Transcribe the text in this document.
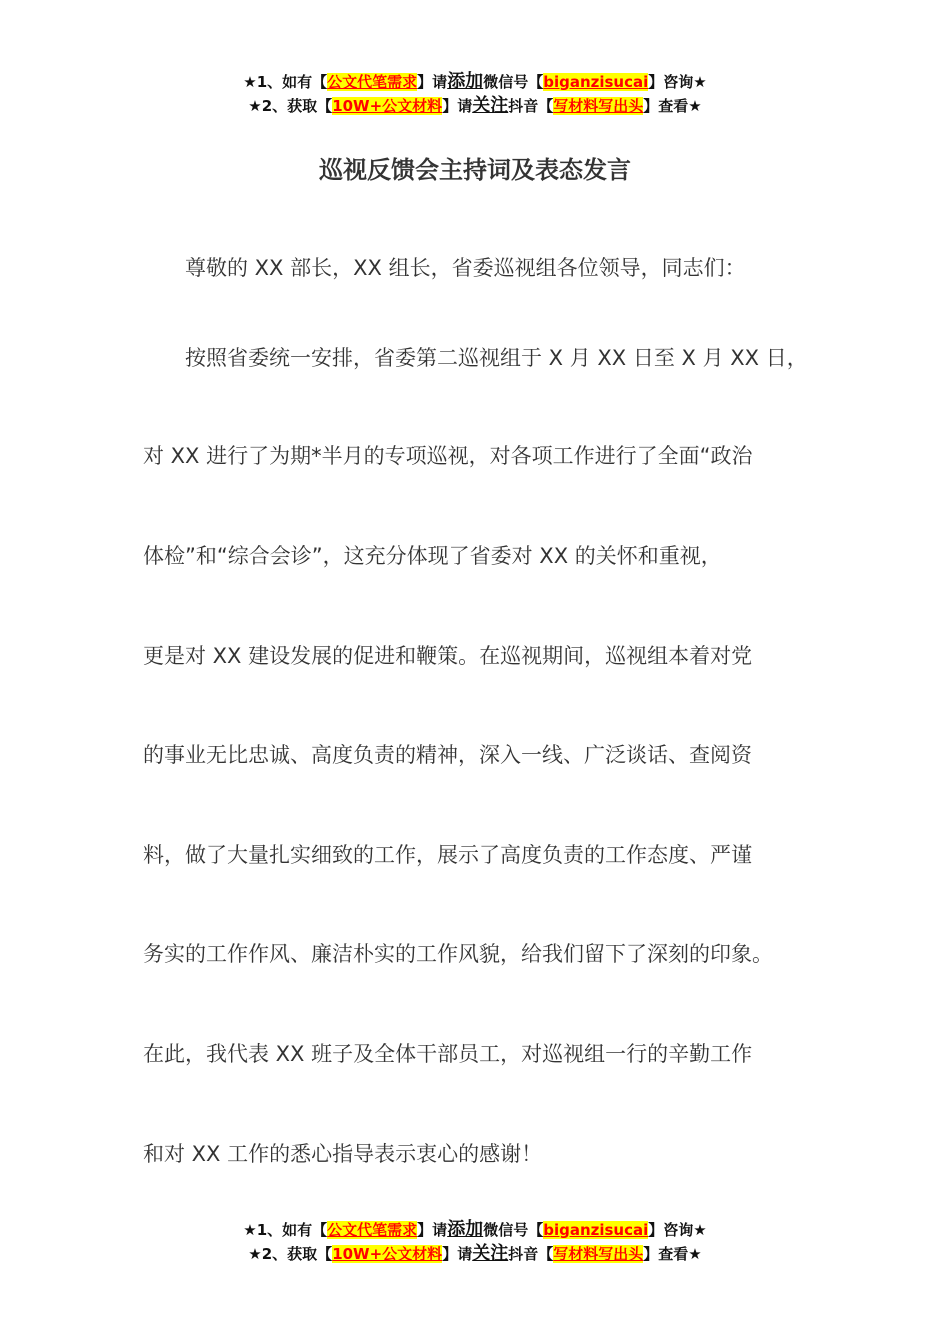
★1、如有【公文代笔需求】请添加微信号【biganzisucai】咨询★
★2、获取【10W+公文材料】请关注抖音【写材料写出头】查看★
巡视反馈会主持词及表态发言
尊敬的 XX 部长，XX 组长，省委巡视组各位领导，同志们：
按照省委统一安排，省委第二巡视组于 X 月 XX 日至 X 月 XX 日，
对 XX 进行了为期*半月的专项巡视，对各项工作进行了全面“政治
体检”和“综合会诊”，这充分体现了省委对 XX 的关怀和重视，
更是对 XX 建设发展的促进和鞭策。在巡视期间，巡视组本着对党
的事业无比忠诚、高度负责的精神，深入一线、广泛谈话、查阅资
料，做了大量扎实细致的工作，展示了高度负责的工作态度、严谨
务实的工作作风、廉洁朴实的工作风貌，给我们留下了深刻的印象。
在此，我代表 XX 班子及全体干部员工，对巡视组一行的辛勤工作
和对 XX 工作的悉心指导表示衷心的感谢！
★1、如有【公文代笔需求】请添加微信号【biganzisucai】咨询★
★2、获取【10W+公文材料】请关注抖音【写材料写出头】查看★
